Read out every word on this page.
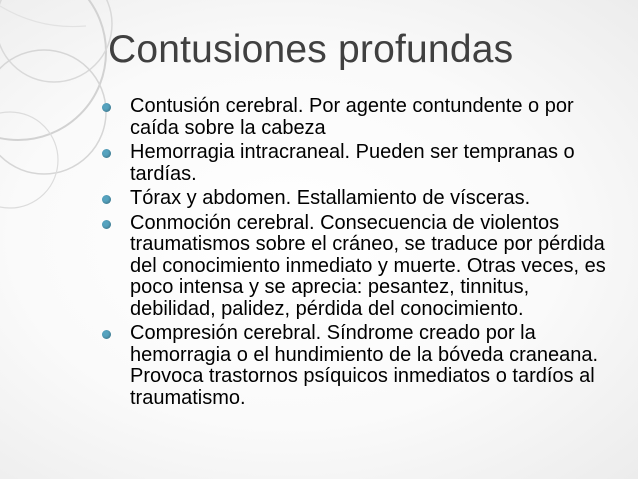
Contusiones profundas
Contusión cerebral. Por agente contundente o por caída sobre la cabeza
Hemorragia intracraneal. Pueden ser tempranas o tardías.
Tórax y abdomen. Estallamiento de vísceras.
Conmoción cerebral. Consecuencia de violentos traumatismos sobre el cráneo, se traduce por pérdida del conocimiento inmediato y muerte. Otras veces, es poco intensa y se aprecia: pesantez, tinnitus, debilidad, palidez, pérdida del conocimiento.
Compresión cerebral. Síndrome creado por la hemorragia o el hundimiento de la bóveda craneana. Provoca trastornos psíquicos inmediatos o tardíos al traumatismo.
